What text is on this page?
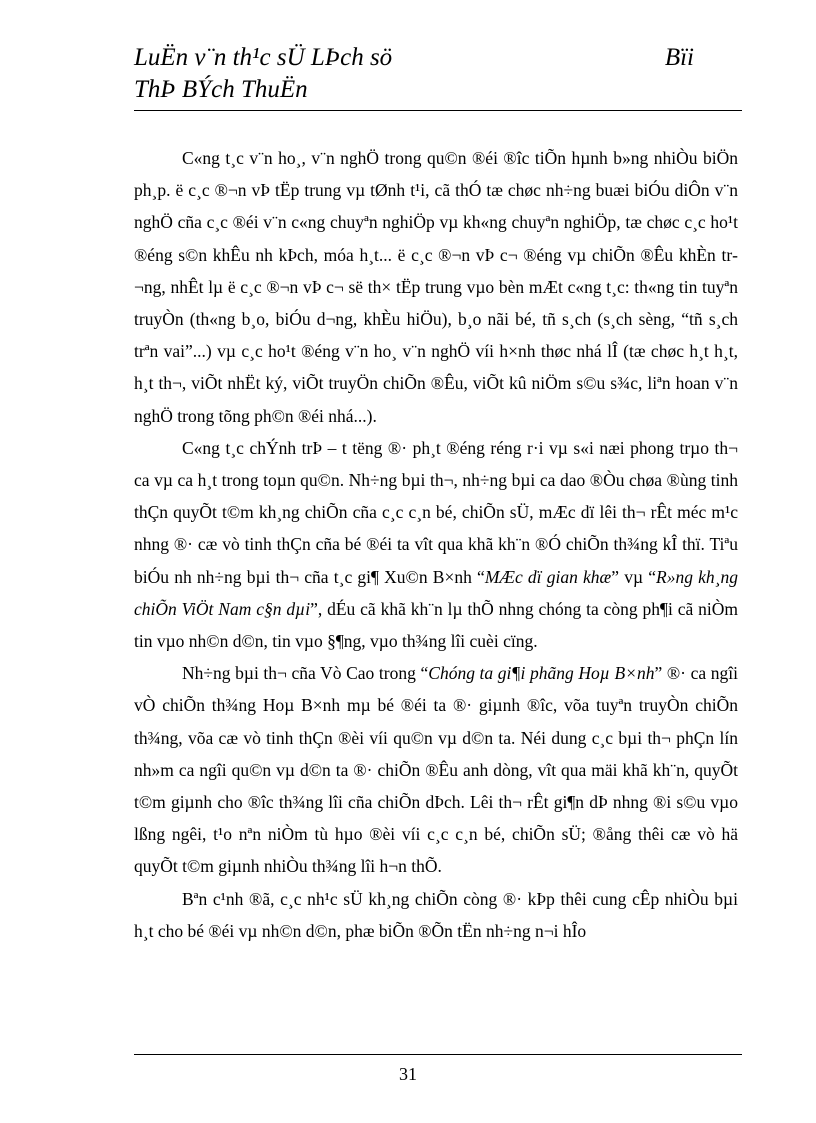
LuËn v¨n th¹c sÜ LÞch sö	Bïi
ThÞ BÝch ThuËn

C«ng t¸c v¨n ho¸, v¨n nghÖ trong qu©n ®éi ®îc tiÕn hµnh b»ng nhiÒu biÖn ph¸p. ë c¸c ®¬n vÞ tËp trung vµ tØnh t¹i, cã thÓ tæ chøc nh÷ng buæi biÓu diÔn v¨n nghÖ cña c¸c ®éi v¨n c«ng chuyªn nghiÖp vµ kh«ng chuyªn nghiÖp, tæ chøc c¸c ho¹t ®éng s©n khÊu nh kÞch, móa h¸t... ë c¸c ®¬n vÞ c¬ ®éng vµ chiÕn ®Êu khÈn tr¬ng, nhÊt lµ ë c¸c ®¬n vÞ c¬ së th× tËp trung vµo bèn mÆt c«ng t¸c: th«ng tin tuyªn truyÒn (th«ng b¸o, biÓu d¬ng, khÈu hiÖu), b¸o nãi bé, tñ s¸ch (s¸ch sèng, “tñ s¸ch trªn vai”...) vµ c¸c ho¹t ®éng v¨n ho¸ v¨n nghÖ víi h×nh thøc nhá lÎ (tæ chøc h¸t h¸t, h¸t th¬, viÕt nhËt ký, viÕt truyÖn chiÕn ®Êu, viÕt kû niÖm s©u s¾c, liªn hoan v¨n nghÖ trong tõng ph©n ®éi nhá...).

C«ng t¸c chÝnh trÞ – t tëng ®· ph¸t ®éng réng r·i vµ s«i næi phong trµo th¬ ca vµ ca h¸t trong toµn qu©n. Nh÷ng bµi th¬, nh÷ng bµi ca dao ®Òu chøa ®ùng tinh thÇn quyÕt t©m kh¸ng chiÕn cña c¸c c¸n bé, chiÕn sÜ, mÆc dï lêi th¬ rÊt méc m¹c nhng ®· cæ vò tinh thÇn cña bé ®éi ta vît qua khã kh¨n ®Ó chiÕn th¾ng kÎ thï. Tiªu biÓu nh nh÷ng bµi th¬ cña t¸c gi¶ Xu©n B×nh “MÆc dï gian khæ” vµ “R»ng kh¸ng chiÕn ViÖt Nam c§n dµi”, dÉu cã khã kh¨n lµ thÕ nhng chóng ta còng ph¶i cã niÒm tin vµo nh©n d©n, tin vµo §¶ng, vµo th¾ng lîi cuèi cïng.

Nh÷ng bµi th¬ cña Vò Cao trong “Chóng ta gi¶i phãng Hoµ B×nh” ®· ca ngîi vÒ chiÕn th¾ng Hoµ B×nh mµ bé ®éi ta ®· giµnh ®îc, võa tuyªn truyÒn chiÕn th¾ng, võa cæ vò tinh thÇn ®èi víi qu©n vµ d©n ta. Néi dung c¸c bµi th¬ phÇn lín nh»m ca ngîi qu©n vµ d©n ta ®· chiÕn ®Êu anh dòng, vît qua mäi khã kh¨n, quyÕt t©m giµnh cho ®îc th¾ng lîi cña chiÕn dÞch. Lêi th¬ rÊt gi¶n dÞ nhng ®i s©u vµo lßng ngêi, t¹o nªn niÒm tù hµo ®èi víi c¸c c¸n bé, chiÕn sÜ; ®ång thêi cæ vò hä quyÕt t©m giµnh nhiÒu th¾ng lîi h¬n thÕ.

Bªn c¹nh ®ã, c¸c nh¹c sÜ kh¸ng chiÕn còng ®· kÞp thêi cung cÊp nhiÒu bµi h¸t cho bé ®éi vµ nh©n d©n, phæ biÕn ®Õn tËn nh÷ng n¬i hÎo

31
